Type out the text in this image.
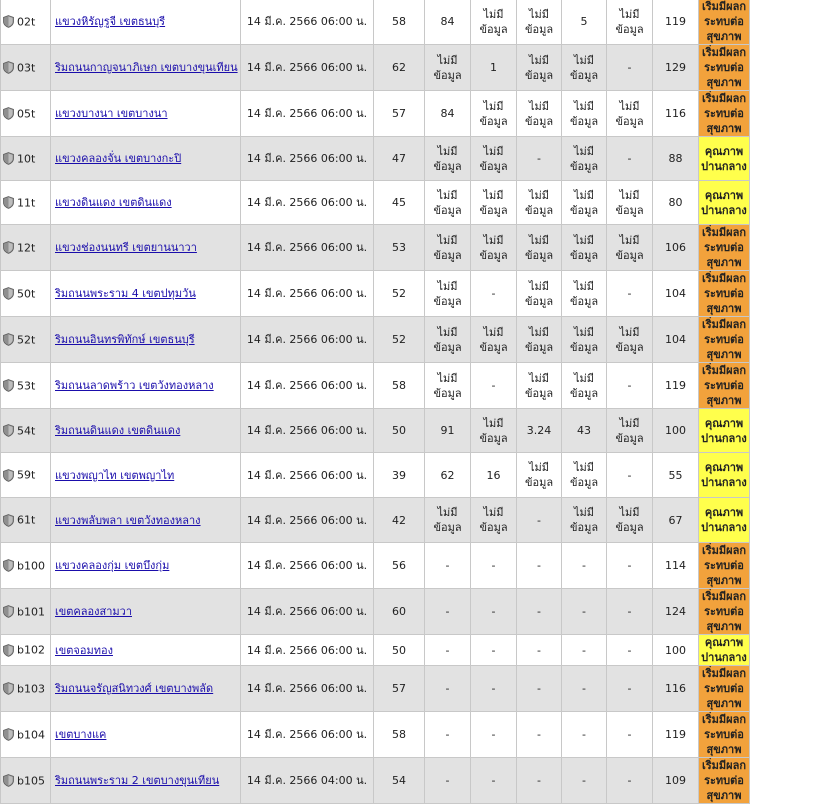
02t	แขวงหิรัญรูจี เขตธนบุรี	14 มี.ค. 2566 06:00 น.	58	84	ไม่มีข้อมูล	ไม่มีข้อมูล	5	ไม่มีข้อมูล	119	เริ่มมีผลกระทบต่อสุขภาพ
03t	ริมถนนกาญจนาภิเษก เขตบางขุนเทียน	14 มี.ค. 2566 06:00 น.	62	ไม่มีข้อมูล	1	ไม่มีข้อมูล	ไม่มีข้อมูล	-	129	เริ่มมีผลกระทบต่อสุขภาพ
05t	แขวงบางนา เขตบางนา	14 มี.ค. 2566 06:00 น.	57	84	ไม่มีข้อมูล	ไม่มีข้อมูล	ไม่มีข้อมูล	ไม่มีข้อมูล	116	เริ่มมีผลกระทบต่อสุขภาพ
10t	แขวงคลองจั่น เขตบางกะปิ	14 มี.ค. 2566 06:00 น.	47	ไม่มีข้อมูล	ไม่มีข้อมูล	-	ไม่มีข้อมูล	-	88	คุณภาพปานกลาง
11t	แขวงดินแดง เขตดินแดง	14 มี.ค. 2566 06:00 น.	45	ไม่มีข้อมูล	ไม่มีข้อมูล	ไม่มีข้อมูล	ไม่มีข้อมูล	ไม่มีข้อมูล	80	คุณภาพปานกลาง
12t	แขวงช่องนนทรี เขตยานนาวา	14 มี.ค. 2566 06:00 น.	53	ไม่มีข้อมูล	ไม่มีข้อมูล	ไม่มีข้อมูล	ไม่มีข้อมูล	ไม่มีข้อมูล	106	เริ่มมีผลกระทบต่อสุขภาพ
50t	ริมถนนพระราม 4 เขตปทุมวัน	14 มี.ค. 2566 06:00 น.	52	ไม่มีข้อมูล	-	ไม่มีข้อมูล	ไม่มีข้อมูล	-	104	เริ่มมีผลกระทบต่อสุขภาพ
52t	ริมถนนอินทรพิทักษ์ เขตธนบุรี	14 มี.ค. 2566 06:00 น.	52	ไม่มีข้อมูล	ไม่มีข้อมูล	ไม่มีข้อมูล	ไม่มีข้อมูล	ไม่มีข้อมูล	104	เริ่มมีผลกระทบต่อสุขภาพ
53t	ริมถนนลาดพร้าว เขตวังทองหลาง	14 มี.ค. 2566 06:00 น.	58	ไม่มีข้อมูล	-	ไม่มีข้อมูล	ไม่มีข้อมูล	-	119	เริ่มมีผลกระทบต่อสุขภาพ
54t	ริมถนนดินแดง เขตดินแดง	14 มี.ค. 2566 06:00 น.	50	91	ไม่มีข้อมูล	3.24	43	ไม่มีข้อมูล	100	คุณภาพปานกลาง
59t	แขวงพญาไท เขตพญาไท	14 มี.ค. 2566 06:00 น.	39	62	16	ไม่มีข้อมูล	ไม่มีข้อมูล	-	55	คุณภาพปานกลาง
61t	แขวงพลับพลา เขตวังทองหลาง	14 มี.ค. 2566 06:00 น.	42	ไม่มีข้อมูล	ไม่มีข้อมูล	-	ไม่มีข้อมูล	ไม่มีข้อมูล	67	คุณภาพปานกลาง
b100	แขวงคลองกุ่ม เขตบึงกุ่ม	14 มี.ค. 2566 06:00 น.	56	-	-	-	-	-	114	เริ่มมีผลกระทบต่อสุขภาพ
b101	เขตคลองสามวา	14 มี.ค. 2566 06:00 น.	60	-	-	-	-	-	124	เริ่มมีผลกระทบต่อสุขภาพ
b102	เขตจอมทอง	14 มี.ค. 2566 06:00 น.	50	-	-	-	-	-	100	คุณภาพปานกลาง
b103	ริมถนนจรัญสนิทวงศ์ เขตบางพลัด	14 มี.ค. 2566 06:00 น.	57	-	-	-	-	-	116	เริ่มมีผลกระทบต่อสุขภาพ
b104	เขตบางแค	14 มี.ค. 2566 06:00 น.	58	-	-	-	-	-	119	เริ่มมีผลกระทบต่อสุขภาพ
b105	ริมถนนพระราม 2 เขตบางขุนเทียน	14 มี.ค. 2566 04:00 น.	54	-	-	-	-	-	109	เริ่มมีผลกระทบต่อสุขภาพ
